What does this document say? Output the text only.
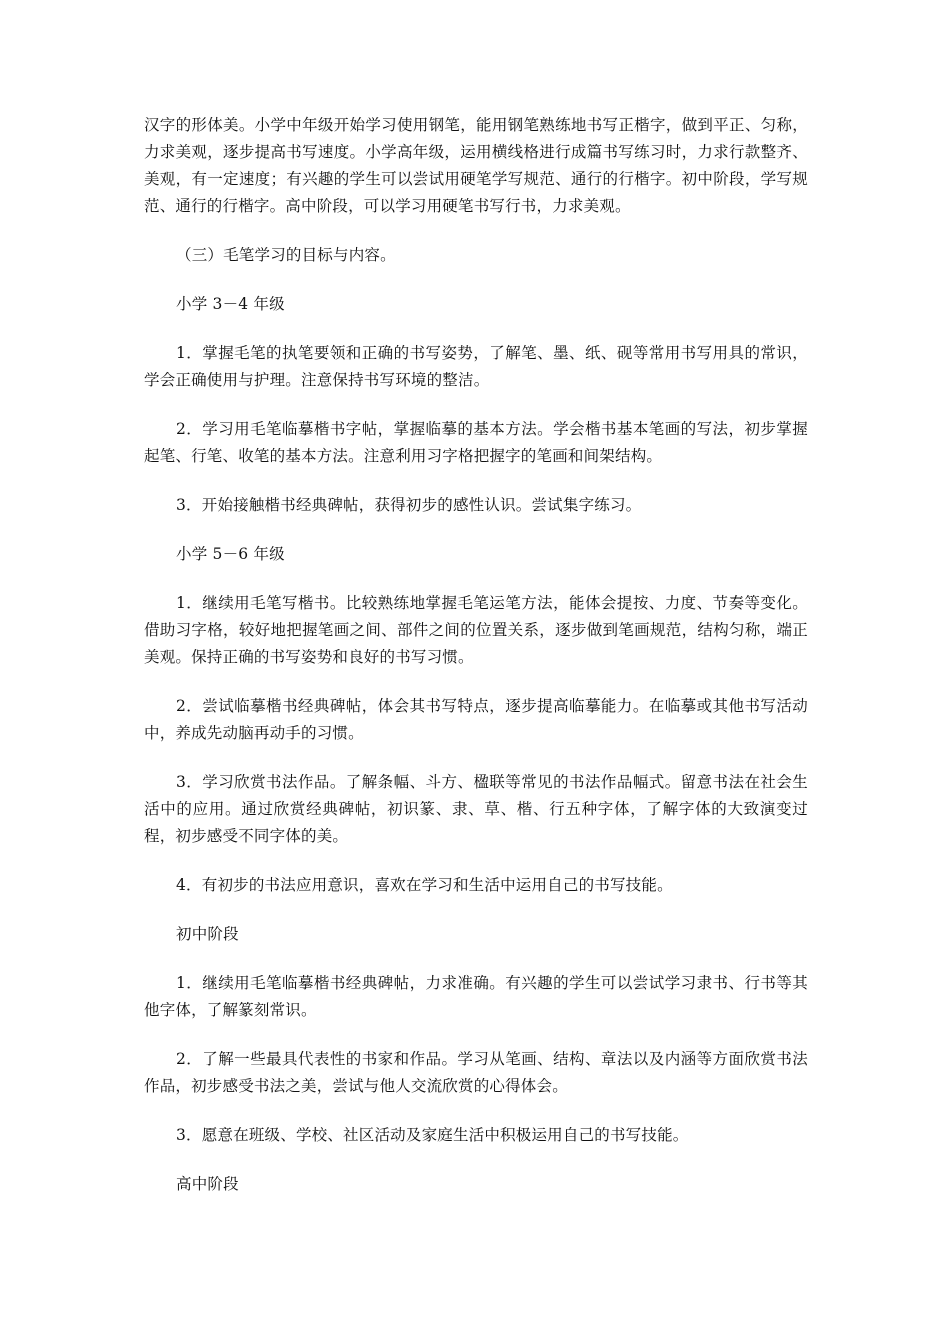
汉字的形体美。小学中年级开始学习使用钢笔，能用钢笔熟练地书写正楷字，做到平正、匀称，力求美观，逐步提高书写速度。小学高年级，运用横线格进行成篇书写练习时，力求行款整齐、美观，有一定速度；有兴趣的学生可以尝试用硬笔学写规范、通行的行楷字。初中阶段，学写规范、通行的行楷字。高中阶段，可以学习用硬笔书写行书，力求美观。

（三）毛笔学习的目标与内容。

小学 3－4 年级

1．掌握毛笔的执笔要领和正确的书写姿势，了解笔、墨、纸、砚等常用书写用具的常识，学会正确使用与护理。注意保持书写环境的整洁。

2．学习用毛笔临摹楷书字帖，掌握临摹的基本方法。学会楷书基本笔画的写法，初步掌握起笔、行笔、收笔的基本方法。注意利用习字格把握字的笔画和间架结构。

3．开始接触楷书经典碑帖，获得初步的感性认识。尝试集字练习。

小学 5－6 年级

1．继续用毛笔写楷书。比较熟练地掌握毛笔运笔方法，能体会提按、力度、节奏等变化。借助习字格，较好地把握笔画之间、部件之间的位置关系，逐步做到笔画规范，结构匀称，端正美观。保持正确的书写姿势和良好的书写习惯。

2．尝试临摹楷书经典碑帖，体会其书写特点，逐步提高临摹能力。在临摹或其他书写活动中，养成先动脑再动手的习惯。

3．学习欣赏书法作品。了解条幅、斗方、楹联等常见的书法作品幅式。留意书法在社会生活中的应用。通过欣赏经典碑帖，初识篆、隶、草、楷、行五种字体，了解字体的大致演变过程，初步感受不同字体的美。

4．有初步的书法应用意识，喜欢在学习和生活中运用自己的书写技能。

初中阶段

1．继续用毛笔临摹楷书经典碑帖，力求准确。有兴趣的学生可以尝试学习隶书、行书等其他字体，了解篆刻常识。

2．了解一些最具代表性的书家和作品。学习从笔画、结构、章法以及内涵等方面欣赏书法作品，初步感受书法之美，尝试与他人交流欣赏的心得体会。

3．愿意在班级、学校、社区活动及家庭生活中积极运用自己的书写技能。

高中阶段
